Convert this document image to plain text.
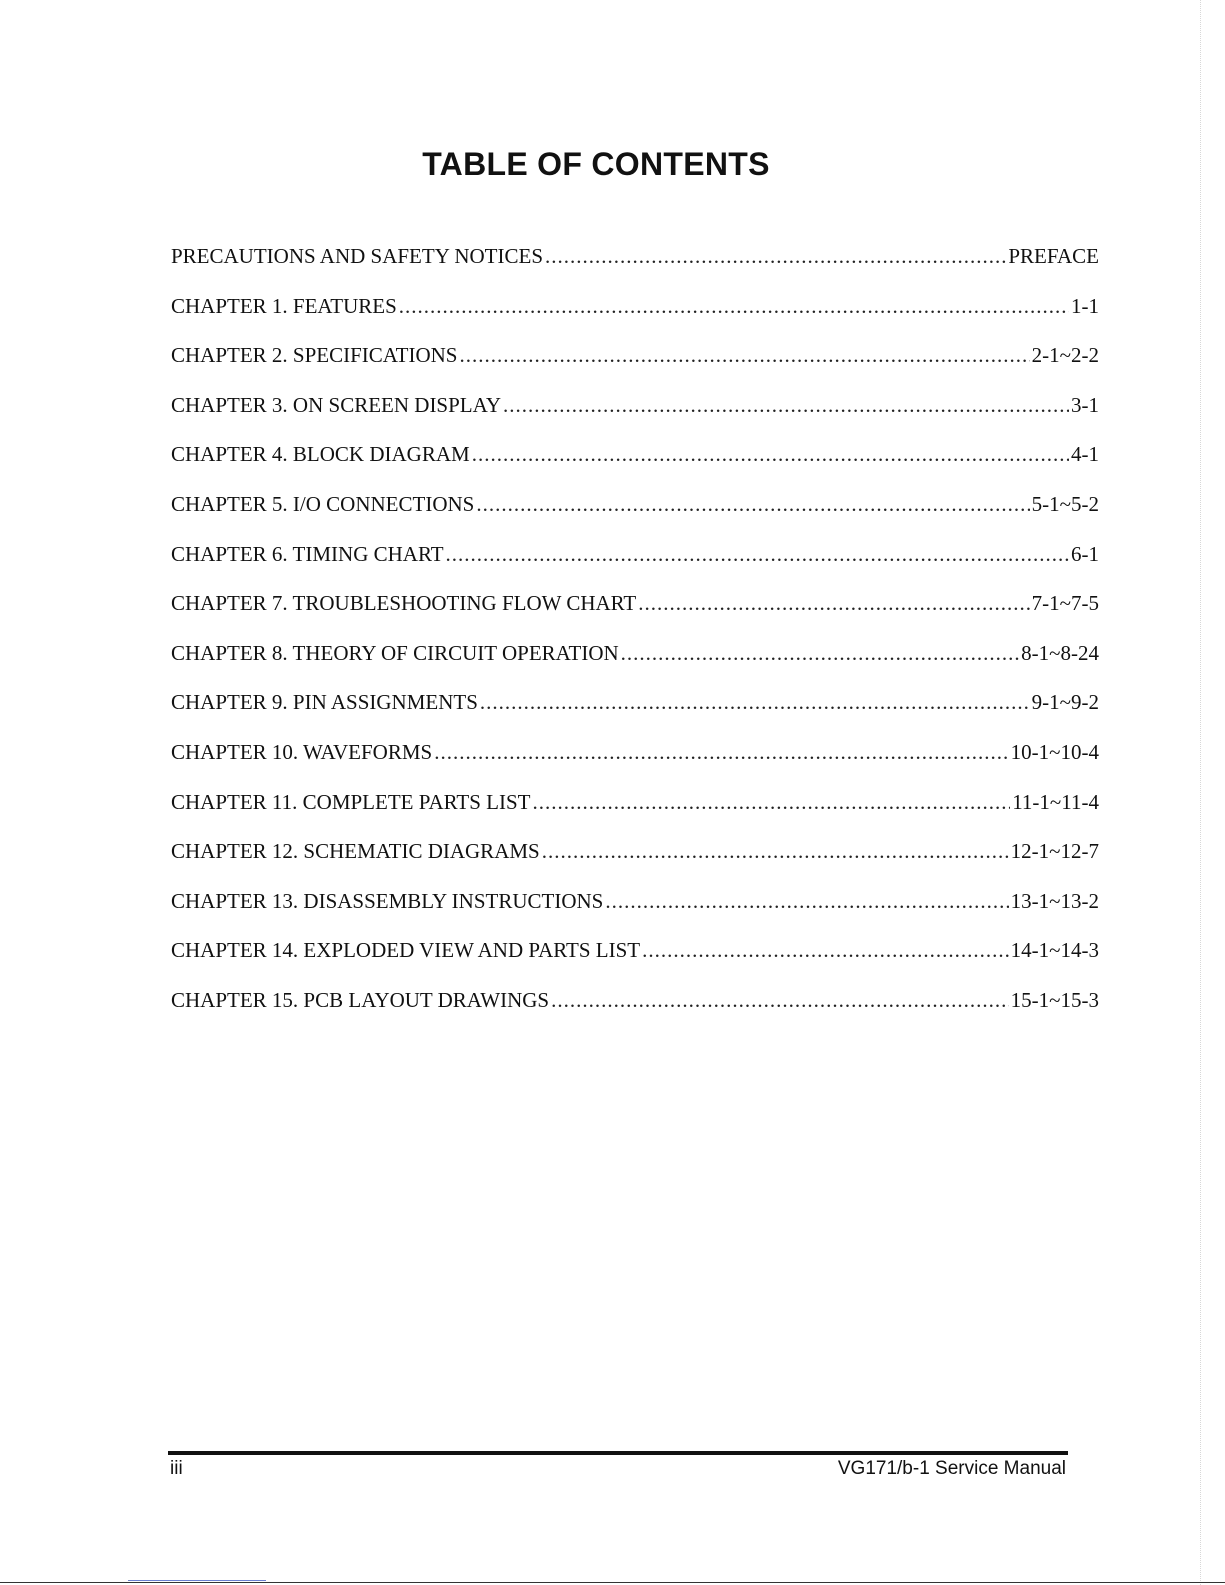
TABLE OF CONTENTS
PRECAUTIONS AND SAFETY NOTICES .....	PREFACE
CHAPTER 1. FEATURES .....	1-1
CHAPTER 2. SPECIFICATIONS .....	2-1~2-2
CHAPTER 3. ON SCREEN DISPLAY .....	3-1
CHAPTER 4. BLOCK DIAGRAM .....	4-1
CHAPTER 5. I/O CONNECTIONS .....	5-1~5-2
CHAPTER 6. TIMING CHART .....	6-1
CHAPTER 7. TROUBLESHOOTING FLOW CHART .....	7-1~7-5
CHAPTER 8. THEORY OF CIRCUIT OPERATION .....	8-1~8-24
CHAPTER 9. PIN ASSIGNMENTS .....	9-1~9-2
CHAPTER 10. WAVEFORMS .....	10-1~10-4
CHAPTER 11. COMPLETE PARTS LIST .....	11-1~11-4
CHAPTER 12. SCHEMATIC DIAGRAMS .....	12-1~12-7
CHAPTER 13. DISASSEMBLY INSTRUCTIONS .....	13-1~13-2
CHAPTER 14. EXPLODED VIEW AND PARTS LIST .....	14-1~14-3
CHAPTER 15. PCB LAYOUT DRAWINGS .....	15-1~15-3
iii	VG171/b-1 Service Manual
